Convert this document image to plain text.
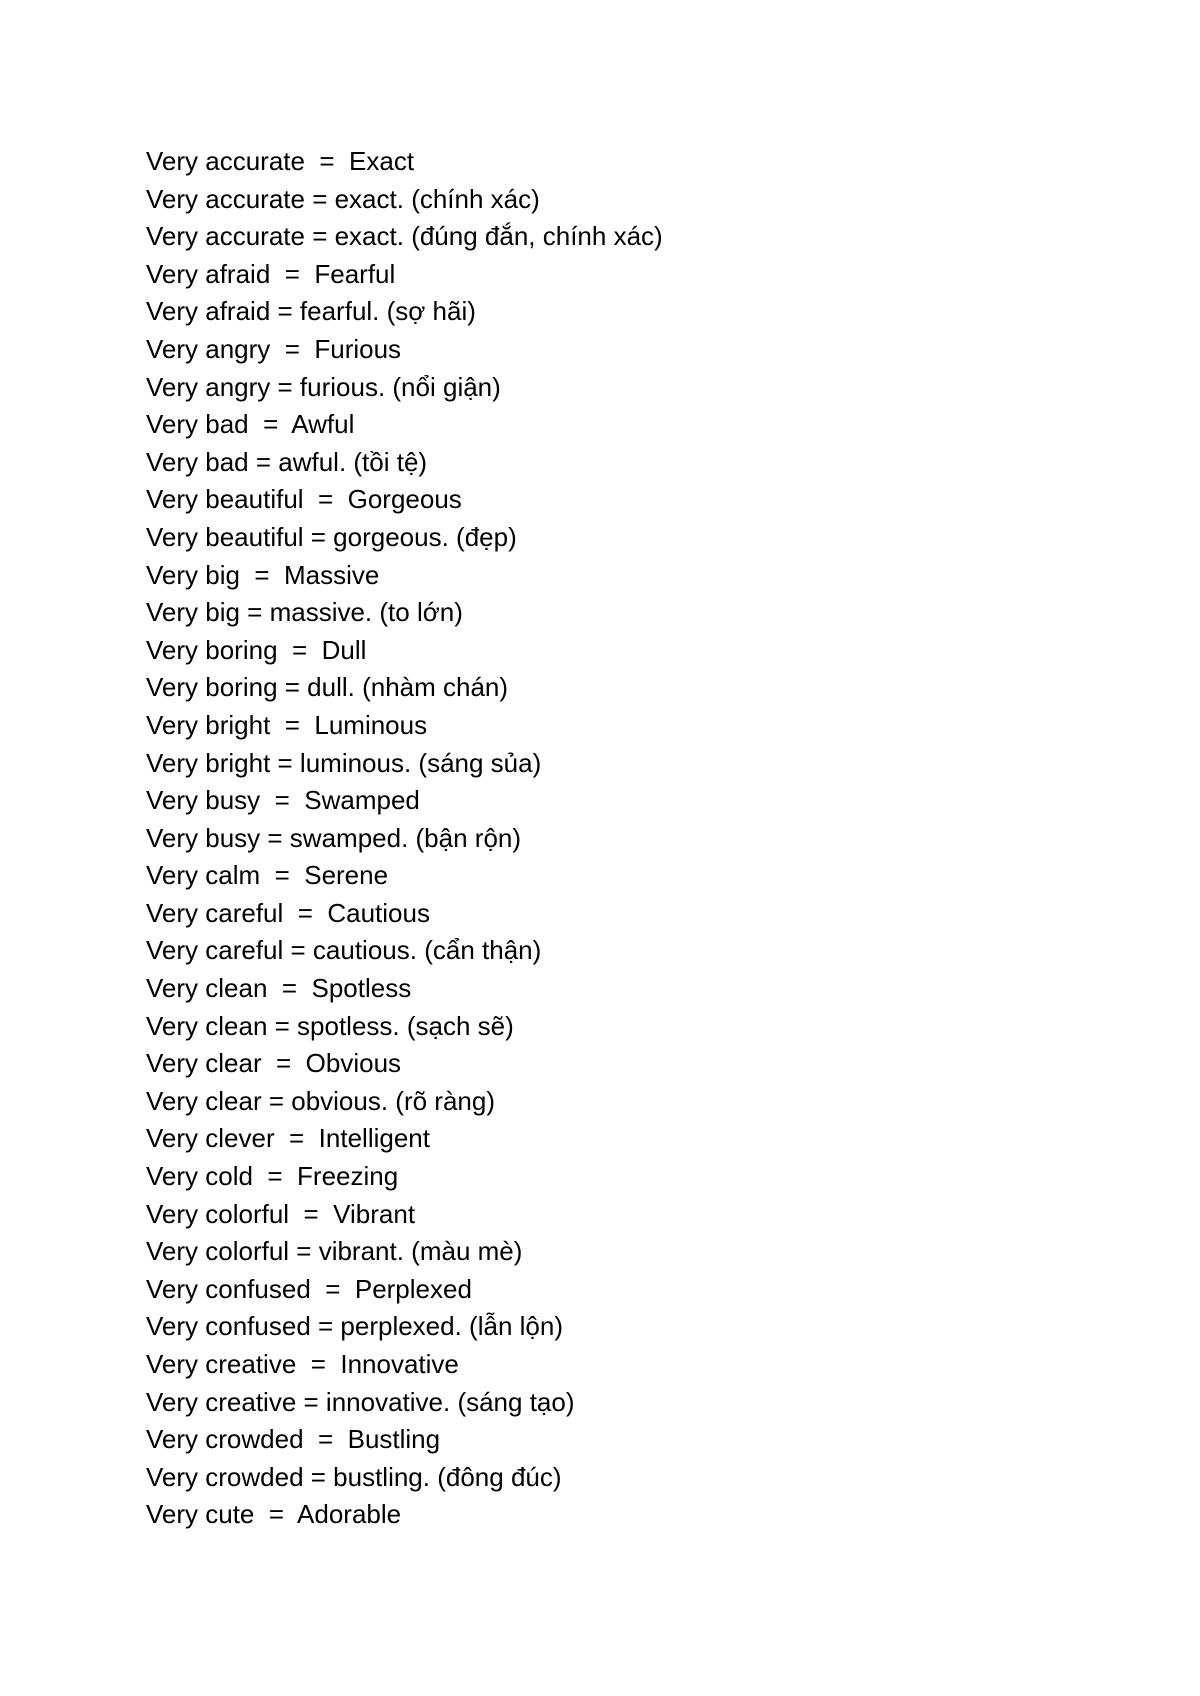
Very accurate  =  Exact
Very accurate = exact. (chính xác)
Very accurate = exact. (đúng đắn, chính xác)
Very afraid  =  Fearful
Very afraid = fearful. (sợ hãi)
Very angry  =  Furious
Very angry = furious. (nổi giận)
Very bad  =  Awful
Very bad = awful. (tồi tệ)
Very beautiful  =  Gorgeous
Very beautiful = gorgeous. (đẹp)
Very big  =  Massive
Very big = massive. (to lớn)
Very boring  =  Dull
Very boring = dull. (nhàm chán)
Very bright  =  Luminous
Very bright = luminous. (sáng sủa)
Very busy  =  Swamped
Very busy = swamped. (bận rộn)
Very calm  =  Serene
Very careful  =  Cautious
Very careful = cautious. (cẩn thận)
Very clean  =  Spotless
Very clean = spotless. (sạch sẽ)
Very clear  =  Obvious
Very clear = obvious. (rõ ràng)
Very clever  =  Intelligent
Very cold  =  Freezing
Very colorful  =  Vibrant
Very colorful = vibrant. (màu mè)
Very confused  =  Perplexed
Very confused = perplexed. (lẫn lộn)
Very creative  =  Innovative
Very creative = innovative. (sáng tạo)
Very crowded  =  Bustling
Very crowded = bustling. (đông đúc)
Very cute  =  Adorable
